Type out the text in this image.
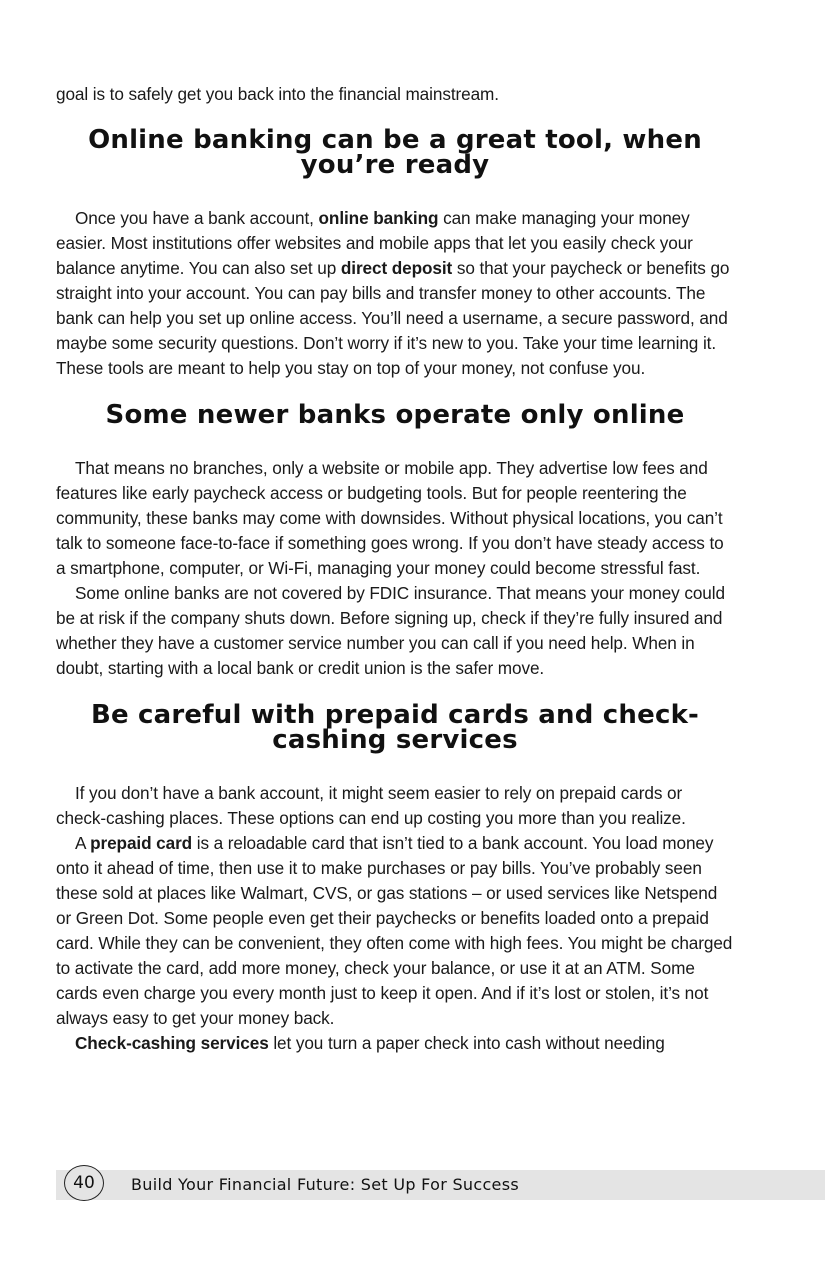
goal is to safely get you back into the financial mainstream.

Online banking can be a great tool, when you’re ready

Once you have a bank account, online banking can make managing your money easier. Most institutions offer websites and mobile apps that let you easily check your balance anytime. You can also set up direct deposit so that your paycheck or benefits go straight into your account. You can pay bills and transfer money to other accounts. The bank can help you set up online access. You’ll need a username, a secure password, and maybe some security questions. Don’t worry if it’s new to you. Take your time learning it. These tools are meant to help you stay on top of your money, not confuse you.

Some newer banks operate only online

That means no branches, only a website or mobile app. They advertise low fees and features like early paycheck access or budgeting tools. But for people reentering the community, these banks may come with downsides. Without physical locations, you can’t talk to someone face-to-face if something goes wrong. If you don’t have steady access to a smartphone, computer, or Wi-Fi, managing your money could become stressful fast.

Some online banks are not covered by FDIC insurance. That means your money could be at risk if the company shuts down. Before signing up, check if they’re fully insured and whether they have a customer service number you can call if you need help. When in doubt, starting with a local bank or credit union is the safer move.

Be careful with prepaid cards and check-cashing services

If you don’t have a bank account, it might seem easier to rely on prepaid cards or check-cashing places. These options can end up costing you more than you realize.

A prepaid card is a reloadable card that isn’t tied to a bank account. You load money onto it ahead of time, then use it to make purchases or pay bills. You’ve probably seen these sold at places like Walmart, CVS, or gas stations – or used services like Netspend or Green Dot. Some people even get their paychecks or benefits loaded onto a prepaid card. While they can be convenient, they often come with high fees. You might be charged to activate the card, add more money, check your balance, or use it at an ATM. Some cards even charge you every month just to keep it open. And if it’s lost or stolen, it’s not always easy to get your money back.

Check-cashing services let you turn a paper check into cash without needing

40	Build Your Financial Future: Set Up For Success
